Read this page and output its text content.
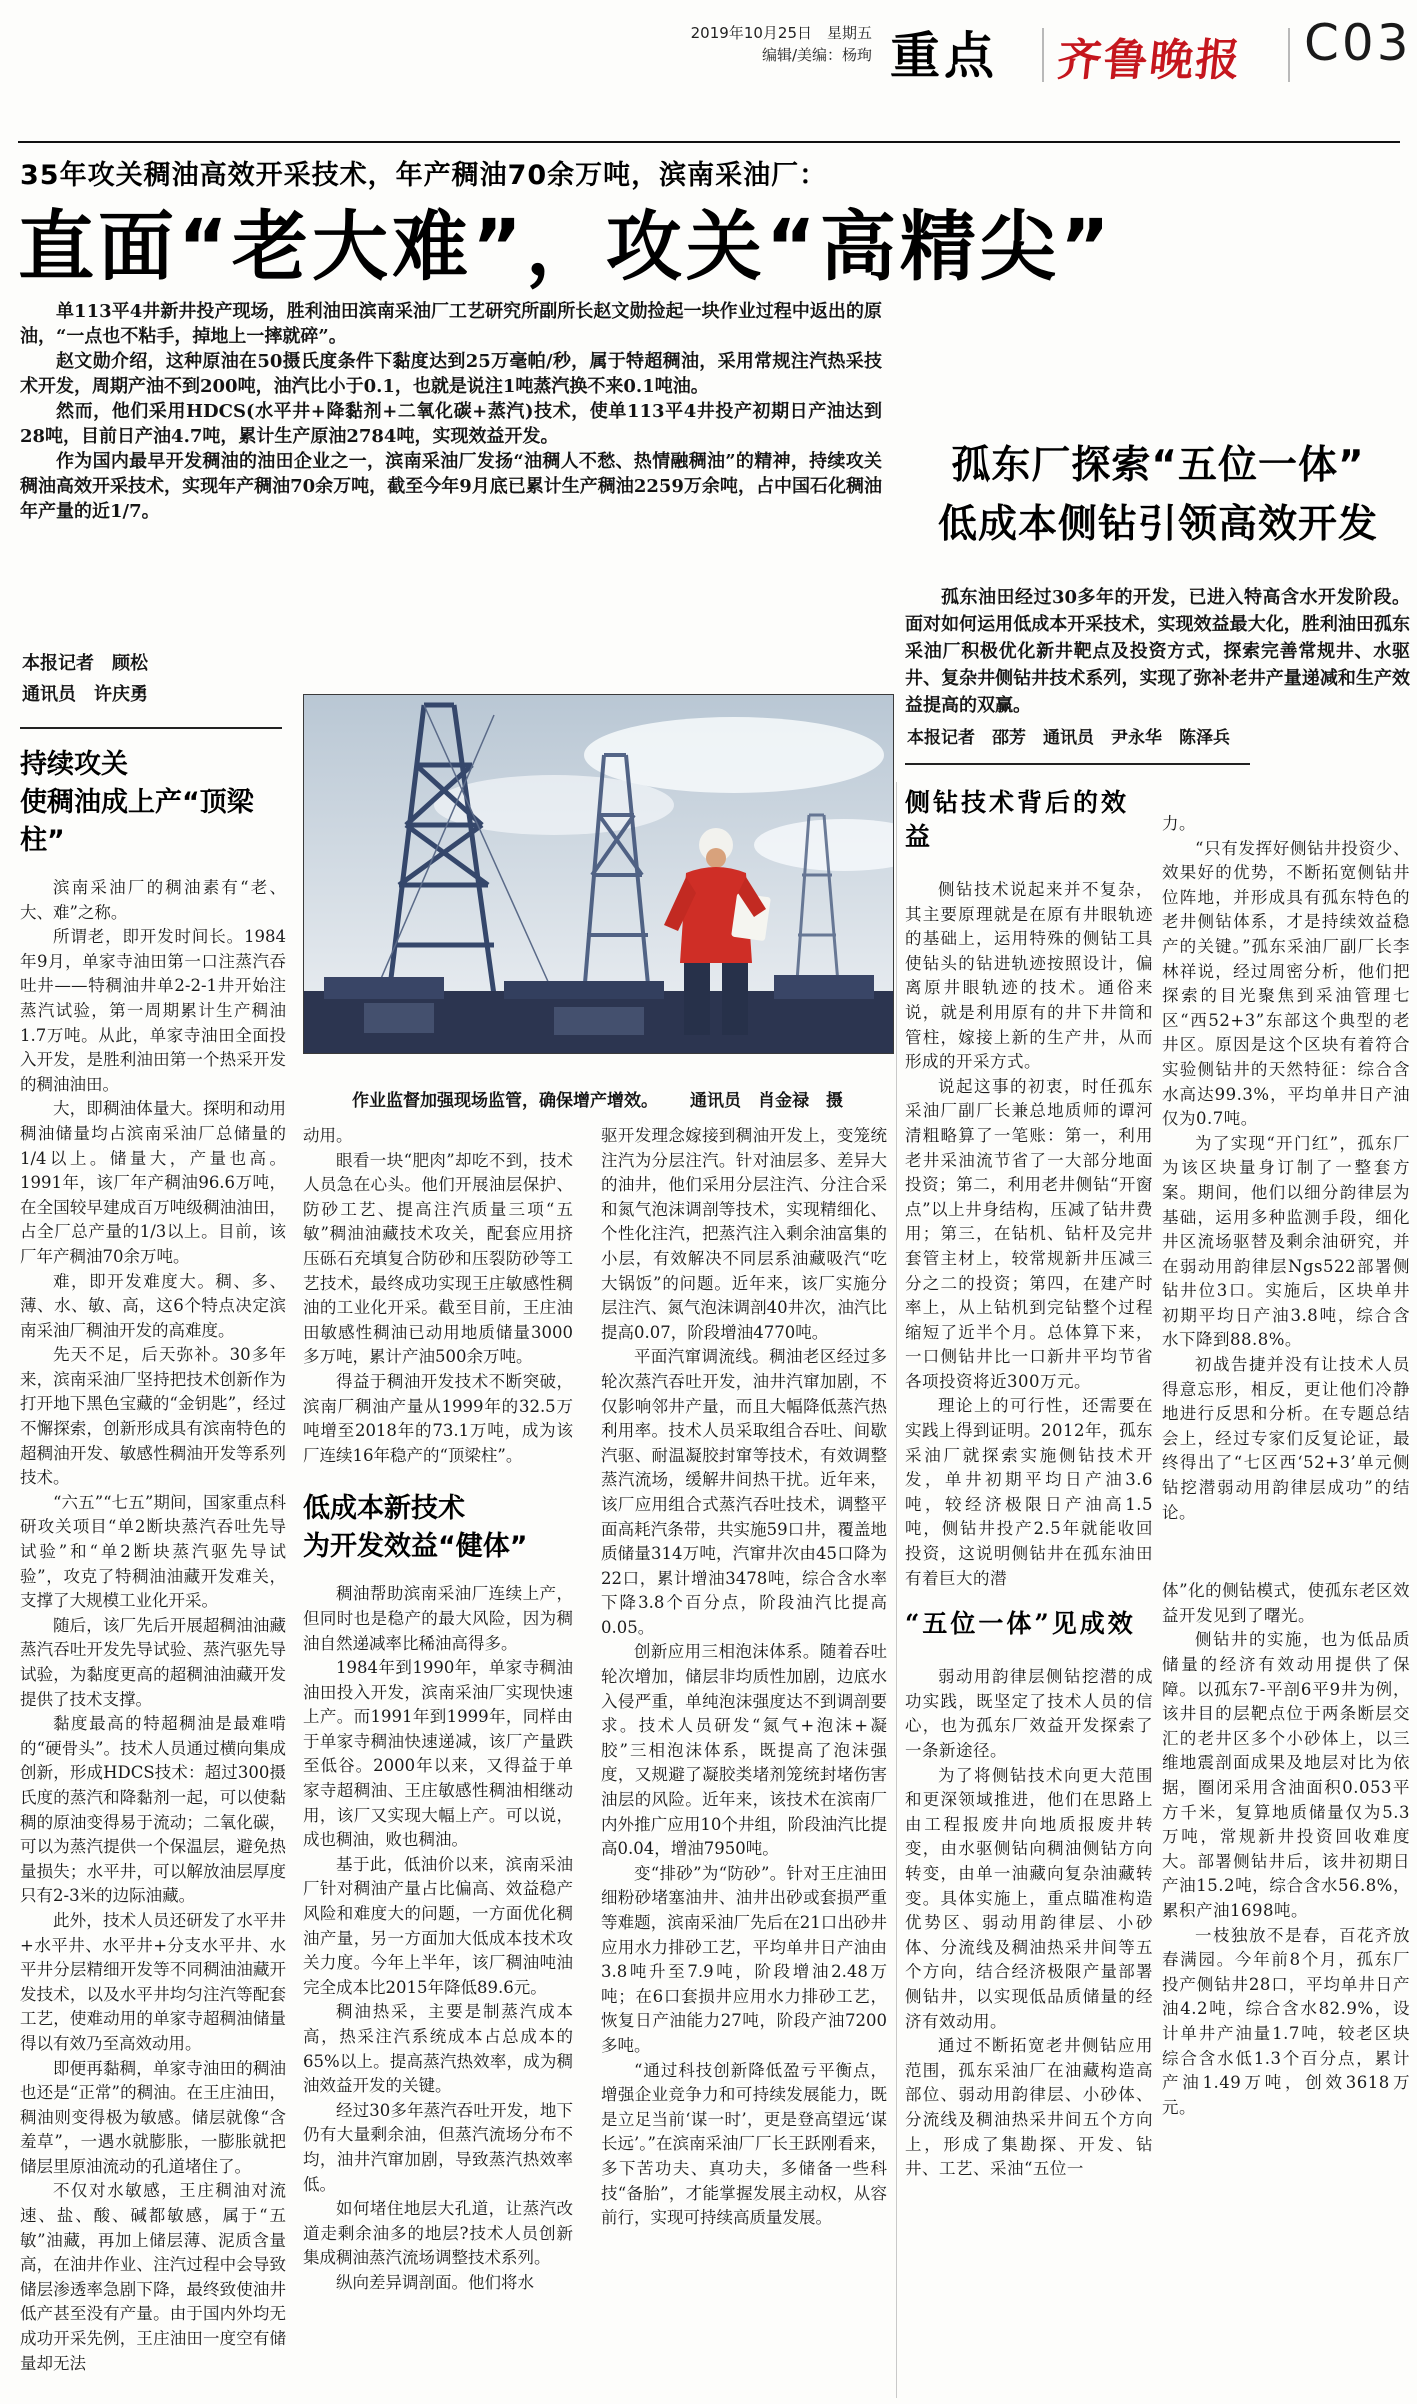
2019年10月25日　星期五
编辑/美编：杨珣 重点 齐鲁晚报 C03
35年攻关稠油高效开采技术，年产稠油70余万吨，滨南采油厂：
直面“老大难”，攻关“高精尖”

单113平4井新井投产现场，胜利油田滨南采油厂工艺研究所副所长赵文勋捡起一块作业过程中返出的原油，“一点也不粘手，掉地上一摔就碎”。

赵文勋介绍，这种原油在50摄氏度条件下黏度达到25万毫帕/秒，属于特超稠油，采用常规注汽热采技术开发，周期产油不到200吨，油汽比小于0.1，也就是说注1吨蒸汽换不来0.1吨油。

然而，他们采用HDCS(水平井+降黏剂+二氧化碳+蒸汽)技术，使单113平4井投产初期日产油达到28吨，目前日产油4.7吨，累计生产原油2784吨，实现效益开发。

作为国内最早开发稠油的油田企业之一，滨南采油厂发扬“油稠人不愁、热情融稠油”的精神，持续攻关稠油高效开采技术，实现年产稠油70余万吨，截至今年9月底已累计生产稠油2259万余吨，占中国石化稠油年产量的近1/7。

本报记者　顾松
通讯员　许庆勇
持续攻关
使稠油成上产“顶梁柱”

滨南采油厂的稠油素有“老、大、难”之称。

所谓老，即开发时间长。1984年9月，单家寺油田第一口注蒸汽吞吐井——特稠油井单2-2-1井开始注蒸汽试验，第一周期累计生产稠油1.7万吨。从此，单家寺油田全面投入开发，是胜利油田第一个热采开发的稠油油田。

大，即稠油体量大。探明和动用稠油储量均占滨南采油厂总储量的1/4以上。储量大，产量也高。1991年，该厂年产稠油96.6万吨，在全国较早建成百万吨级稠油油田，占全厂总产量的1/3以上。目前，该厂年产稠油70余万吨。

难，即开发难度大。稠、多、薄、水、敏、高，这6个特点决定滨南采油厂稠油开发的高难度。

先天不足，后天弥补。30多年来，滨南采油厂坚持把技术创新作为打开地下黑色宝藏的“金钥匙”，经过不懈探索，创新形成具有滨南特色的超稠油开发、敏感性稠油开发等系列技术。

“六五”“七五”期间，国家重点科研攻关项目“单2断块蒸汽吞吐先导试验”和“单2断块蒸汽驱先导试验”，攻克了特稠油油藏开发难关，支撑了大规模工业化开采。

随后，该厂先后开展超稠油油藏蒸汽吞吐开发先导试验、蒸汽驱先导试验，为黏度更高的超稠油油藏开发提供了技术支撑。

黏度最高的特超稠油是最难啃的“硬骨头”。技术人员通过横向集成创新，形成HDCS技术：超过300摄氏度的蒸汽和降黏剂一起，可以使黏稠的原油变得易于流动；二氧化碳，可以为蒸汽提供一个保温层，避免热量损失；水平井，可以解放油层厚度只有2-3米的边际油藏。

此外，技术人员还研发了水平井+水平井、水平井+分支水平井、水平井分层精细开发等不同稠油油藏开发技术，以及水平井均匀注汽等配套工艺，使难动用的单家寺超稠油储量得以有效乃至高效动用。

即便再黏稠，单家寺油田的稠油也还是“正常”的稠油。在王庄油田，稠油则变得极为敏感。储层就像“含羞草”，一遇水就膨胀，一膨胀就把储层里原油流动的孔道堵住了。

不仅对水敏感，王庄稠油对流速、盐、酸、碱都敏感，属于“五敏”油藏，再加上储层薄、泥质含量高，在油井作业、注汽过程中会导致储层渗透率急剧下降，最终致使油井低产甚至没有产量。由于国内外均无成功开采先例，王庄油田一度空有储量却无法

作业监督加强现场监管，确保增产增效。 通讯员　肖金禄　摄

动用。

眼看一块“肥肉”却吃不到，技术人员急在心头。他们开展油层保护、防砂工艺、提高注汽质量三项“五敏”稠油油藏技术攻关，配套应用挤压砾石充填复合防砂和压裂防砂等工艺技术，最终成功实现王庄敏感性稠油的工业化开采。截至目前，王庄油田敏感性稠油已动用地质储量3000多万吨，累计产油500余万吨。

得益于稠油开发技术不断突破，滨南厂稠油产量从1999年的32.5万吨增至2018年的73.1万吨，成为该厂连续16年稳产的“顶梁柱”。

低成本新技术
为开发效益“健体”

稠油帮助滨南采油厂连续上产，但同时也是稳产的最大风险，因为稠油自然递减率比稀油高得多。

1984年到1990年，单家寺稠油油田投入开发，滨南采油厂实现快速上产。而1991年到1999年，同样由于单家寺稠油快速递减，该厂产量跌至低谷。2000年以来，又得益于单家寺超稠油、王庄敏感性稠油相继动用，该厂又实现大幅上产。可以说，成也稠油，败也稠油。

基于此，低油价以来，滨南采油厂针对稠油产量占比偏高、效益稳产风险和难度大的问题，一方面优化稠油产量，另一方面加大低成本技术攻关力度。今年上半年，该厂稠油吨油完全成本比2015年降低89.6元。

稠油热采，主要是制蒸汽成本高，热采注汽系统成本占总成本的65%以上。提高蒸汽热效率，成为稠油效益开发的关键。

经过30多年蒸汽吞吐开发，地下仍有大量剩余油，但蒸汽流场分布不均，油井汽窜加剧，导致蒸汽热效率低。

如何堵住地层大孔道，让蒸汽改道走剩余油多的地层?技术人员创新集成稠油蒸汽流场调整技术系列。

纵向差异调剖面。他们将水

驱开发理念嫁接到稠油开发上，变笼统注汽为分层注汽。针对油层多、差异大的油井，他们采用分层注汽、分注合采和氮气泡沫调剖等技术，实现精细化、个性化注汽，把蒸汽注入剩余油富集的小层，有效解决不同层系油藏吸汽“吃大锅饭”的问题。近年来，该厂实施分层注汽、氮气泡沫调剖40井次，油汽比提高0.07，阶段增油4770吨。

平面汽窜调流线。稠油老区经过多轮次蒸汽吞吐开发，油井汽窜加剧，不仅影响邻井产量，而且大幅降低蒸汽热利用率。技术人员采取组合吞吐、间歇汽驱、耐温凝胶封窜等技术，有效调整蒸汽流场，缓解井间热干扰。近年来，该厂应用组合式蒸汽吞吐技术，调整平面高耗汽条带，共实施59口井，覆盖地质储量314万吨，汽窜井次由45口降为22口，累计增油3478吨，综合含水率下降3.8个百分点，阶段油汽比提高0.05。

创新应用三相泡沫体系。随着吞吐轮次增加，储层非均质性加剧，边底水入侵严重，单纯泡沫强度达不到调剖要求。技术人员研发“氮气+泡沫+凝胶”三相泡沫体系，既提高了泡沫强度，又规避了凝胶类堵剂笼统封堵伤害油层的风险。近年来，该技术在滨南厂内外推广应用10个井组，阶段油汽比提高0.04，增油7950吨。

变“排砂”为“防砂”。针对王庄油田细粉砂堵塞油井、油井出砂或套损严重等难题，滨南采油厂先后在21口出砂井应用水力排砂工艺，平均单井日产油由3.8吨升至7.9吨，阶段增油2.48万吨；在6口套损井应用水力排砂工艺，恢复日产油能力27吨，阶段产油7200多吨。

“通过科技创新降低盈亏平衡点，增强企业竞争力和可持续发展能力，既是立足当前‘谋一时’，更是登高望远‘谋长远’。”在滨南采油厂厂长王跃刚看来，多下苦功夫、真功夫，多储备一些科技“备胎”，才能掌握发展主动权，从容前行，实现可持续高质量发展。

孤东厂探索“五位一体”
低成本侧钻引领高效开发

孤东油田经过30多年的开发，已进入特高含水开发阶段。面对如何运用低成本开采技术，实现效益最大化，胜利油田孤东采油厂积极优化新井靶点及投资方式，探索完善常规井、水驱井、复杂井侧钻井技术系列，实现了弥补老井产量递减和生产效益提高的双赢。

本报记者　邵芳　通讯员　尹永华　陈泽兵
侧钻技术背后的效益

侧钻技术说起来并不复杂，其主要原理就是在原有井眼轨迹的基础上，运用特殊的侧钻工具使钻头的钻进轨迹按照设计，偏离原井眼轨迹的技术。通俗来说，就是利用原有的井下井筒和管柱，嫁接上新的生产井，从而形成的开采方式。

说起这事的初衷，时任孤东采油厂副厂长兼总地质师的谭河清粗略算了一笔账：第一，利用老井采油流节省了一大部分地面投资；第二，利用老井侧钻“开窗点”以上井身结构，压减了钻井费用；第三，在钻机、钻杆及完井套管主材上，较常规新井压减三分之二的投资；第四，在建产时率上，从上钻机到完钻整个过程缩短了近半个月。总体算下来，一口侧钻井比一口新井平均节省各项投资将近300万元。

理论上的可行性，还需要在实践上得到证明。2012年，孤东采油厂就探索实施侧钻技术开发，单井初期平均日产油3.6吨，较经济极限日产油高1.5吨，侧钻井投产2.5年就能收回投资，这说明侧钻井在孤东油田有着巨大的潜

“五位一体”见成效

弱动用韵律层侧钻挖潜的成功实践，既坚定了技术人员的信心，也为孤东厂效益开发探索了一条新途径。

为了将侧钻技术向更大范围和更深领域推进，他们在思路上由工程报废井向地质报废井转变，由水驱侧钻向稠油侧钻方向转变，由单一油藏向复杂油藏转变。具体实施上，重点瞄准构造优势区、弱动用韵律层、小砂体、分流线及稠油热采井间等五个方向，结合经济极限产量部署侧钻井，以实现低品质储量的经济有效动用。

通过不断拓宽老井侧钻应用范围，孤东采油厂在油藏构造高部位、弱动用韵律层、小砂体、分流线及稠油热采井间五个方向上，形成了集勘探、开发、钻井、工艺、采油“五位一

力。

“只有发挥好侧钻井投资少、效果好的优势，不断拓宽侧钻井位阵地，并形成具有孤东特色的老井侧钻体系，才是持续效益稳产的关键。”孤东采油厂副厂长李林祥说，经过周密分析，他们把探索的目光聚焦到采油管理七区“西52+3”东部这个典型的老井区。原因是这个区块有着符合实验侧钻井的天然特征：综合含水高达99.3%，平均单井日产油仅为0.7吨。

为了实现“开门红”，孤东厂为该区块量身订制了一整套方案。期间，他们以细分韵律层为基础，运用多种监测手段，细化井区流场驱替及剩余油研究，并在弱动用韵律层Ngs522部署侧钻井位3口。实施后，区块单井初期平均日产油3.8吨，综合含水下降到88.8%。

初战告捷并没有让技术人员得意忘形，相反，更让他们冷静地进行反思和分析。在专题总结会上，经过专家们反复论证，最终得出了“七区西‘52+3’单元侧钻挖潜弱动用韵律层成功”的结论。

体”化的侧钻模式，使孤东老区效益开发见到了曙光。

侧钻井的实施，也为低品质储量的经济有效动用提供了保障。以孤东7-平剖6平9井为例，该井目的层靶点位于两条断层交汇的老井区多个小砂体上，以三维地震剖面成果及地层对比为依据，圈闭采用含油面积0.053平方千米，复算地质储量仅为5.3万吨，常规新井投资回收难度大。部署侧钻井后，该井初期日产油15.2吨，综合含水56.8%，累积产油1698吨。

一枝独放不是春，百花齐放春满园。今年前8个月，孤东厂投产侧钻井28口，平均单井日产油4.2吨，综合含水82.9%，设计单井产油量1.7吨，较老区块综合含水低1.3个百分点，累计产油1.49万吨，创效3618万元。
